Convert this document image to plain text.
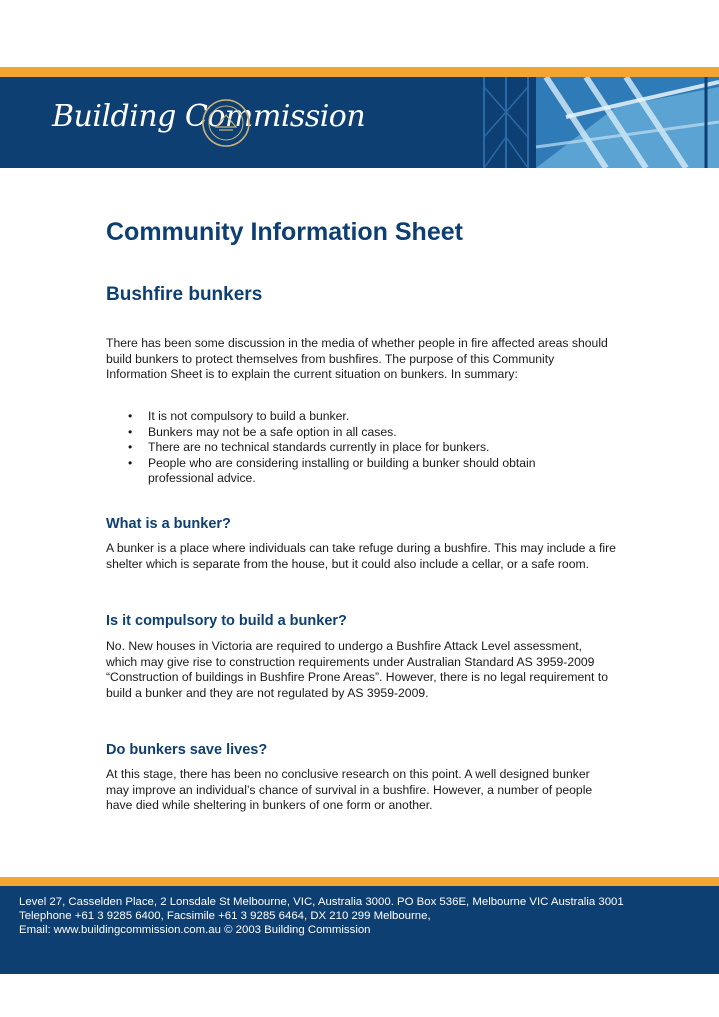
Building Commission
Community Information Sheet
Bushfire bunkers

There has been some discussion in the media of whether people in fire affected areas should build bunkers to protect themselves from bushfires. The purpose of this Community Information Sheet is to explain the current situation on bunkers. In summary:

• It is not compulsory to build a bunker.
• Bunkers may not be a safe option in all cases.
• There are no technical standards currently in place for bunkers.
• People who are considering installing or building a bunker should obtain professional advice.
What is a bunker?

A bunker is a place where individuals can take refuge during a bushfire. This may include a fire shelter which is separate from the house, but it could also include a cellar, or a safe room.

Is it compulsory to build a bunker?

No. New houses in Victoria are required to undergo a Bushfire Attack Level assessment, which may give rise to construction requirements under Australian Standard AS 3959-2009 “Construction of buildings in Bushfire Prone Areas”. However, there is no legal requirement to build a bunker and they are not regulated by AS 3959-2009.

Do bunkers save lives?

At this stage, there has been no conclusive research on this point. A well designed bunker may improve an individual’s chance of survival in a bushfire. However, a number of people have died while sheltering in bunkers of one form or another.

Level 27, Casselden Place, 2 Lonsdale St Melbourne, VIC, Australia 3000. PO Box 536E, Melbourne VIC Australia 3001
Telephone +61 3 9285 6400, Facsimile +61 3 9285 6464, DX 210 299 Melbourne,
Email: www.buildingcommission.com.au © 2003 Building Commission
